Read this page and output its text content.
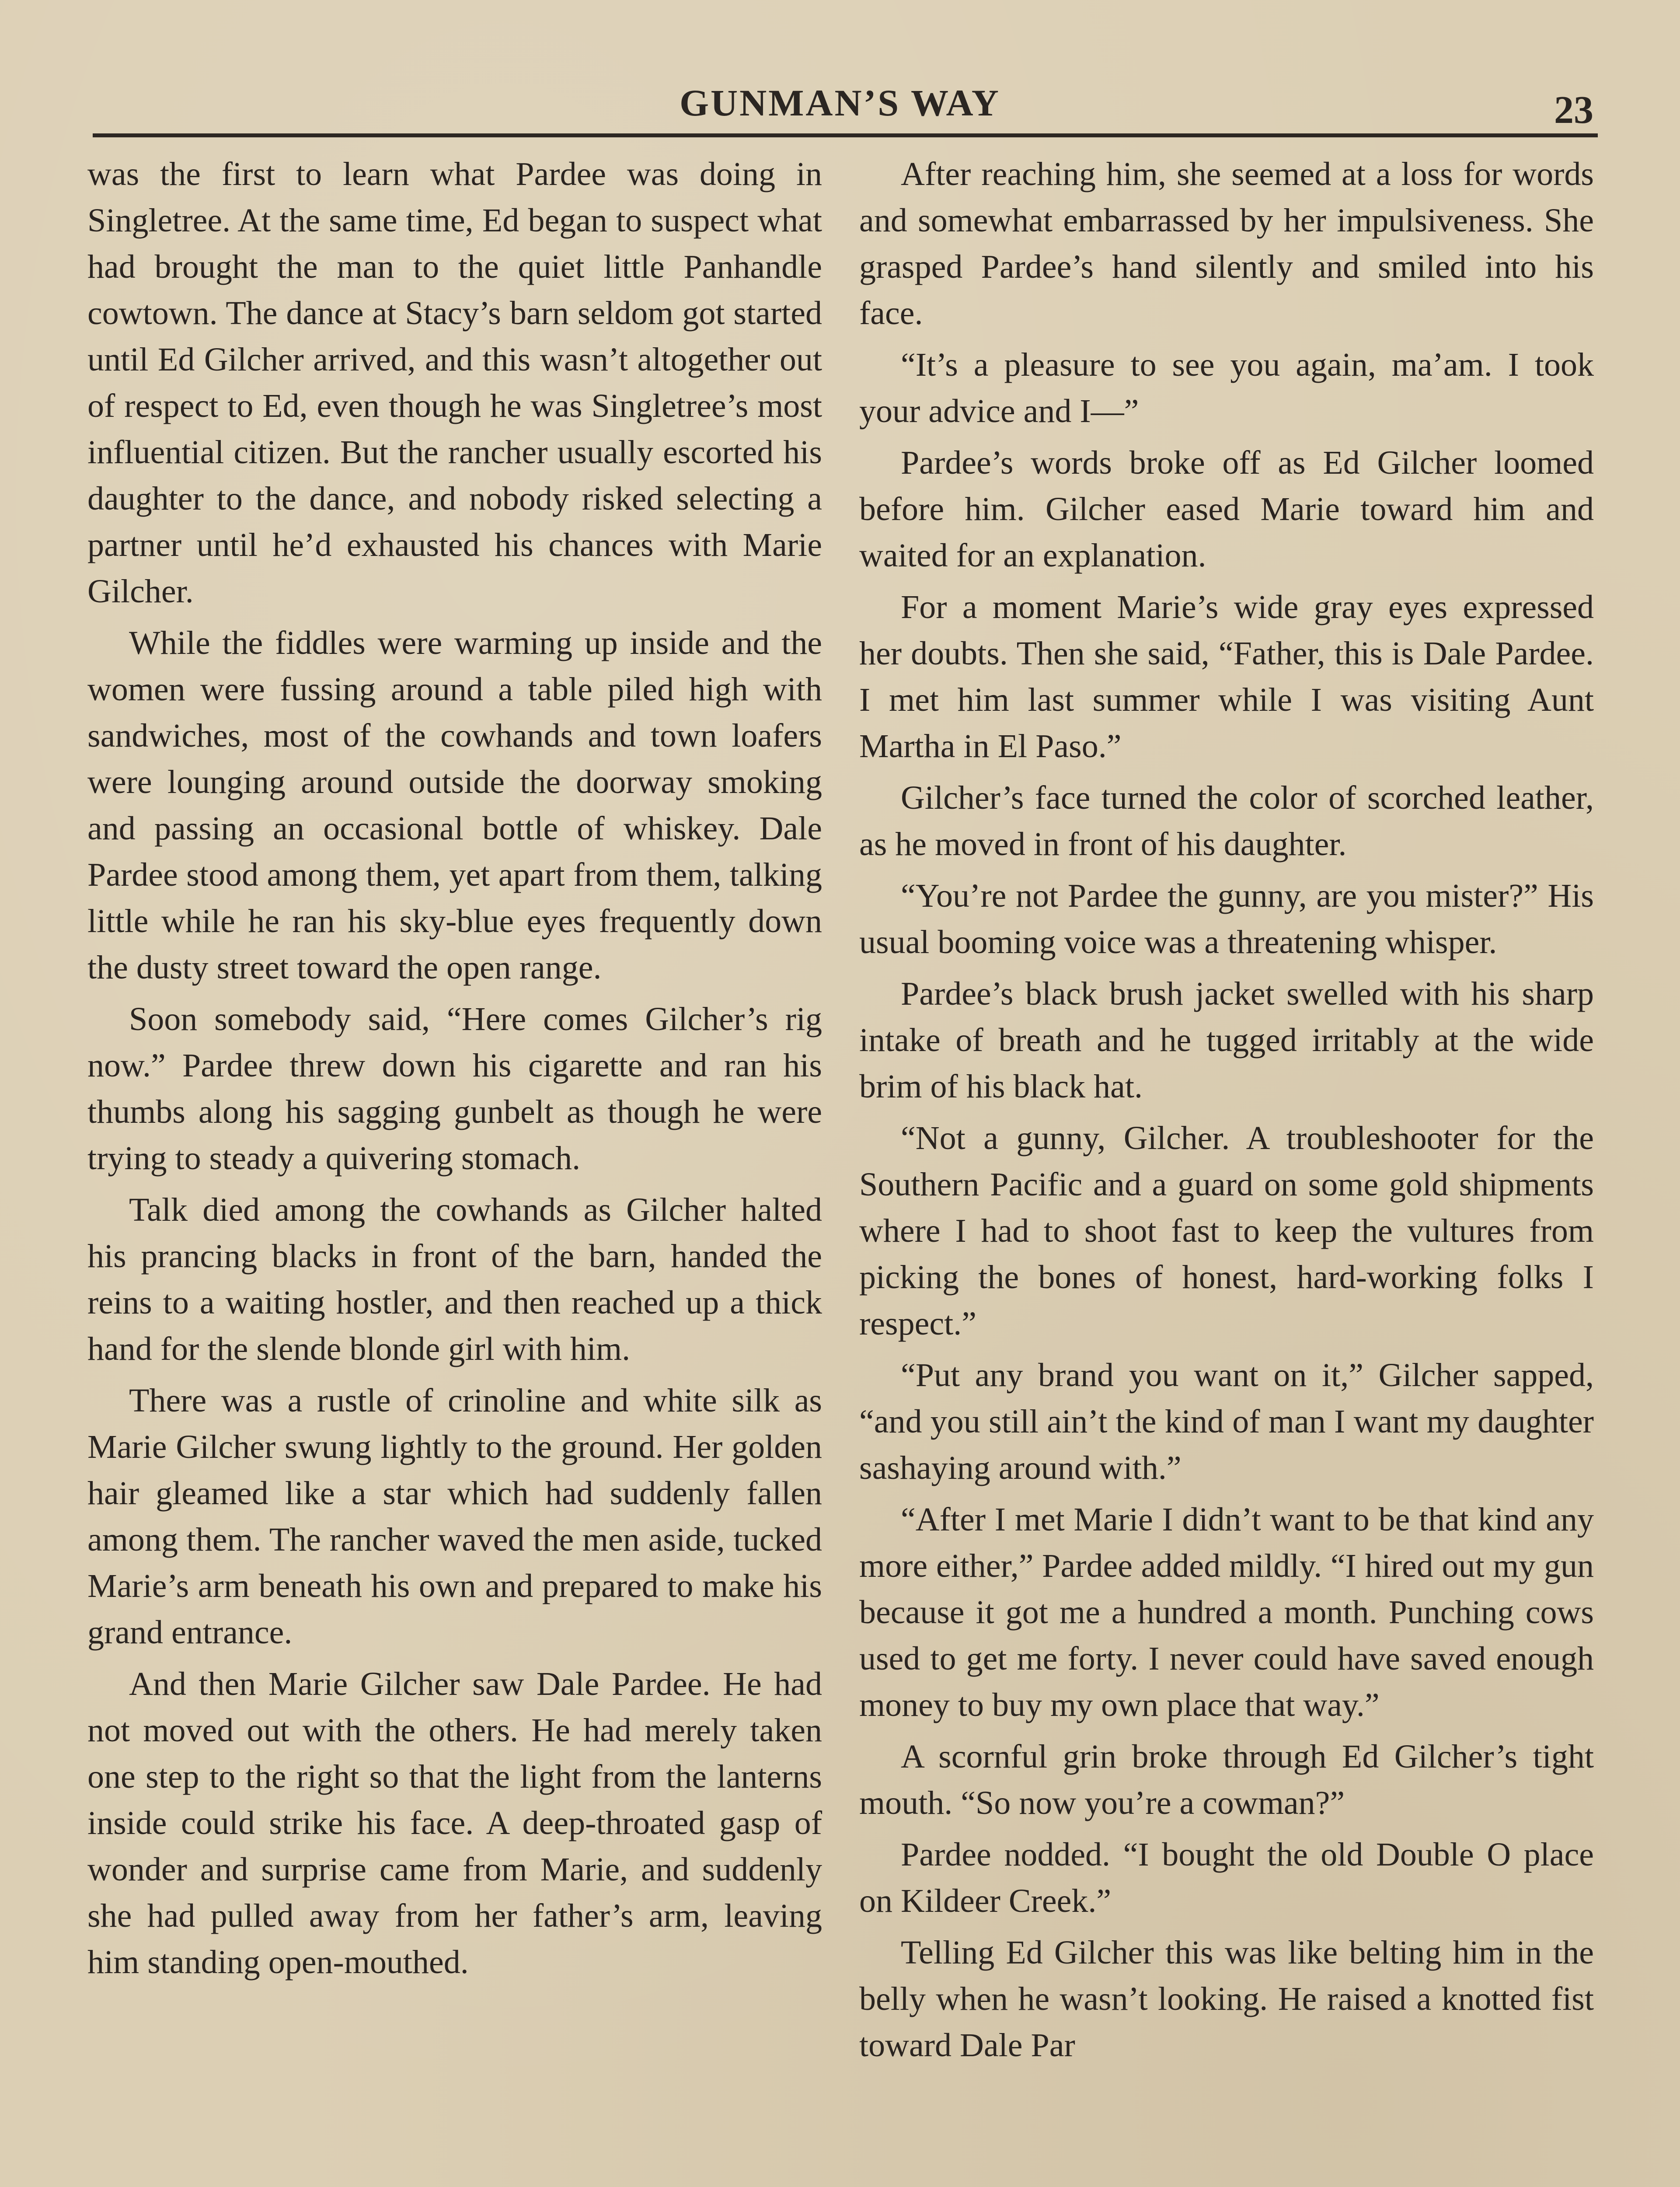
GUNMAN’S WAY	23

was the first to learn what Pardee was doing in Singletree. At the same time, Ed began to suspect what had brought the man to the quiet little Panhandle cowtown. The dance at Stacy’s barn seldom got started until Ed Gilcher arrived, and this wasn’t altogether out of respect to Ed, even though he was Singletree’s most influential citizen. But the rancher usually escorted his daughter to the dance, and nobody risked selecting a partner until he’d exhausted his chances with Marie Gilcher.

While the fiddles were warming up inside and the women were fussing around a table piled high with sandwiches, most of the cowhands and town loafers were lounging around outside the doorway smoking and passing an occasional bottle of whiskey. Dale Pardee stood among them, yet apart from them, talking little while he ran his sky-blue eyes frequently down the dusty street toward the open range.

Soon somebody said, “Here comes Gilcher’s rig now.” Pardee threw down his cigarette and ran his thumbs along his sagging gunbelt as though he were trying to steady a quivering stomach.

Talk died among the cowhands as Gilcher halted his prancing blacks in front of the barn, handed the reins to a waiting hostler, and then reached up a thick hand for the slende blonde girl with him.

There was a rustle of crinoline and white silk as Marie Gilcher swung lightly to the ground. Her golden hair gleamed like a star which had suddenly fallen among them. The rancher waved the men aside, tucked Marie’s arm beneath his own and prepared to make his grand entrance.

And then Marie Gilcher saw Dale Pardee. He had not moved out with the others. He had merely taken one step to the right so that the light from the lanterns inside could strike his face. A deep-throated gasp of wonder and surprise came from Marie, and suddenly she had pulled away from her father’s arm, leaving him standing open-mouthed.

After reaching him, she seemed at a loss for words and somewhat embarrassed by her impulsiveness. She grasped Pardee’s hand silently and smiled into his face.

“It’s a pleasure to see you again, ma’am. I took your advice and I—”

Pardee’s words broke off as Ed Gilcher loomed before him. Gilcher eased Marie toward him and waited for an explanation.

For a moment Marie’s wide gray eyes expressed her doubts. Then she said, “Father, this is Dale Pardee. I met him last summer while I was visiting Aunt Martha in El Paso.”

Gilcher’s face turned the color of scorched leather, as he moved in front of his daughter.

“You’re not Pardee the gunny, are you mister?” His usual booming voice was a threatening whisper.

Pardee’s black brush jacket swelled with his sharp intake of breath and he tugged irritably at the wide brim of his black hat.

“Not a gunny, Gilcher. A troubleshooter for the Southern Pacific and a guard on some gold shipments where I had to shoot fast to keep the vultures from picking the bones of honest, hard-working folks I respect.”

“Put any brand you want on it,” Gilcher sapped, “and you still ain’t the kind of man I want my daughter sashaying around with.”

“After I met Marie I didn’t want to be that kind any more either,” Pardee added mildly. “I hired out my gun because it got me a hundred a month. Punching cows used to get me forty. I never could have saved enough money to buy my own place that way.”

A scornful grin broke through Ed Gilcher’s tight mouth. “So now you’re a cowman?”

Pardee nodded. “I bought the old Double O place on Kildeer Creek.”

Telling Ed Gilcher this was like belting him in the belly when he wasn’t looking. He raised a knotted fist toward Dale Par
